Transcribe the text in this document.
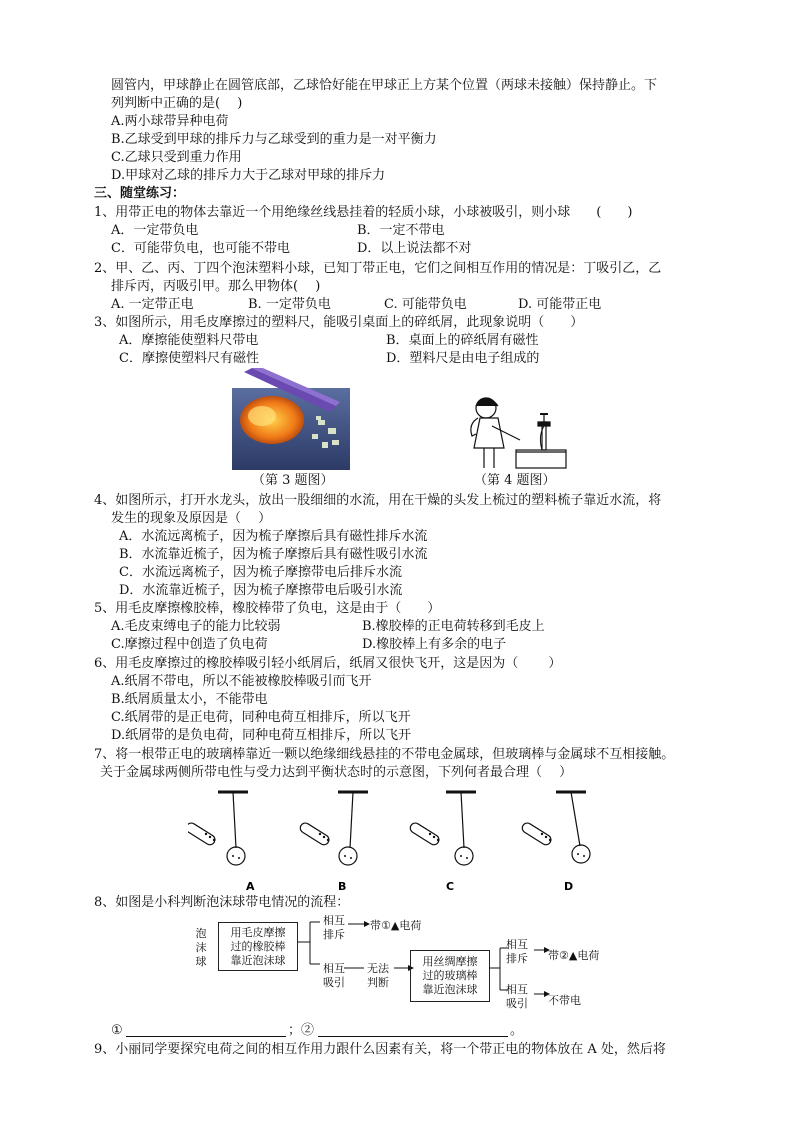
圆管内，甲球静止在圆管底部，乙球恰好能在甲球正上方某个位置（两球未接触）保持静止。下
列判断中正确的是(　 )
A.两小球带异种电荷
B.乙球受到甲球的排斥力与乙球受到的重力是一对平衡力
C.乙球只受到重力作用
D.甲球对乙球的排斥力大于乙球对甲球的排斥力
三、随堂练习：
1、用带正电的物体去靠近一个用绝缘丝线悬挂着的轻质小球，小球被吸引，则小球　　(　　)
A．一定带负电	B．一定不带电
C．可能带负电，也可能不带电	D．以上说法都不对
2、甲、乙、丙、丁四个泡沫塑料小球，已知丁带正电，它们之间相互作用的情况是：丁吸引乙，乙
排斥丙，丙吸引甲。那么甲物体(　 )
A. 一定带正电	B. 一定带负电	C. 可能带负电	D. 可能带正电
3、如图所示，用毛皮摩擦过的塑料尺，能吸引桌面上的碎纸屑，此现象说明（　　）
A．摩擦能使塑料尺带电	B．桌面上的碎纸屑有磁性
C．摩擦使塑料尺有磁性	D．塑料尺是由电子组成的
（第 3 题图）	（第 4 题图）
4、如图所示，打开水龙头，放出一股细细的水流，用在干燥的头发上梳过的塑料梳子靠近水流，将
发生的现象及原因是（　 ）
A．水流远离梳子，因为梳子摩擦后具有磁性排斥水流
B．水流靠近梳子，因为梳子摩擦后具有磁性吸引水流
C．水流远离梳子，因为梳子摩擦带电后排斥水流
D．水流靠近梳子，因为梳子摩擦带电后吸引水流
5、用毛皮摩擦橡胶棒，橡胶棒带了负电，这是由于（　　）
A.毛皮束缚电子的能力比较弱	B.橡胶棒的正电荷转移到毛皮上
C.摩擦过程中创造了负电荷	D.橡胶棒上有多余的电子
6、用毛皮摩擦过的橡胶棒吸引轻小纸屑后，纸屑又很快飞开，这是因为（　　 ）
A.纸屑不带电，所以不能被橡胶棒吸引而飞开
B.纸屑质量太小，不能带电
C.纸屑带的是正电荷，同种电荷互相排斥，所以飞开
D.纸屑带的是负电荷，同种电荷互相排斥，所以飞开
7、将一根带正电的玻璃棒靠近一颗以绝缘细线悬挂的不带电金属球，但玻璃棒与金属球不互相接触。
关于金属球两侧所带电性与受力达到平衡状态时的示意图，下列何者最合理（　 ）
A	B	C	D
8、如图是小科判断泡沫球带电情况的流程：
泡
沫
球
用毛皮摩擦
过的橡胶棒
靠近泡沫球
相互
排斥
带①▲电荷
相互
吸引
无法
判断
用丝绸摩擦
过的玻璃棒
靠近泡沫球
相互
排斥 带②▲电荷
相互
吸引 不带电
①	；②	。
9、小丽同学要探究电荷之间的相互作用力跟什么因素有关，将一个带正电的物体放在 A 处，然后将
